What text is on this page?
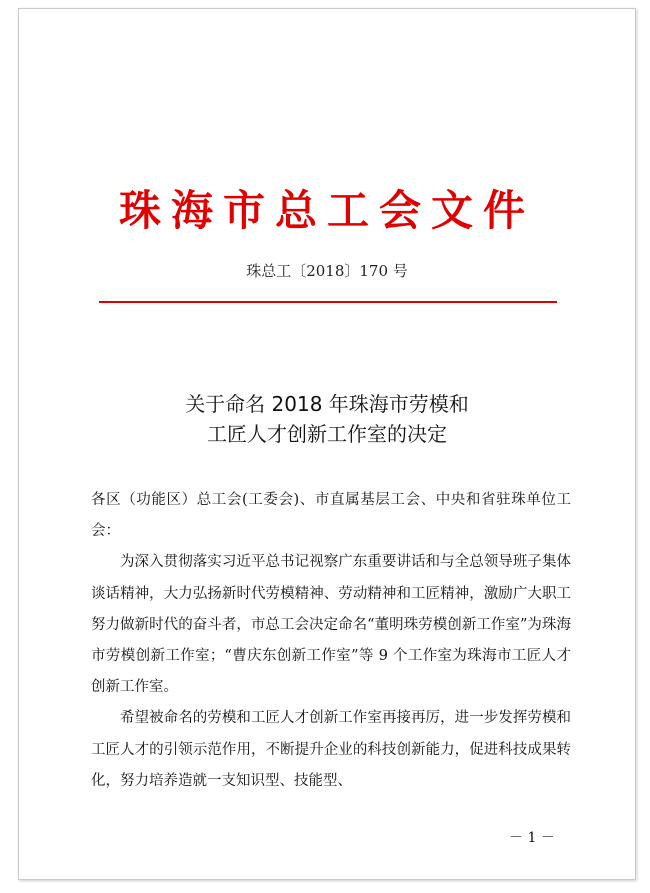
珠海市总工会文件
珠总工〔2018〕170 号
关于命名 2018 年珠海市劳模和
工匠人才创新工作室的决定

各区（功能区）总工会(工委会)、市直属基层工会、中央和省驻珠单位工会：

为深入贯彻落实习近平总书记视察广东重要讲话和与全总领导班子集体谈话精神，大力弘扬新时代劳模精神、劳动精神和工匠精神，激励广大职工努力做新时代的奋斗者，市总工会决定命名“董明珠劳模创新工作室”为珠海市劳模创新工作室；“曹庆东创新工作室”等 9 个工作室为珠海市工匠人才创新工作室。

希望被命名的劳模和工匠人才创新工作室再接再厉，进一步发挥劳模和工匠人才的引领示范作用，不断提升企业的科技创新能力，促进科技成果转化，努力培养造就一支知识型、技能型、

－ 1 －
